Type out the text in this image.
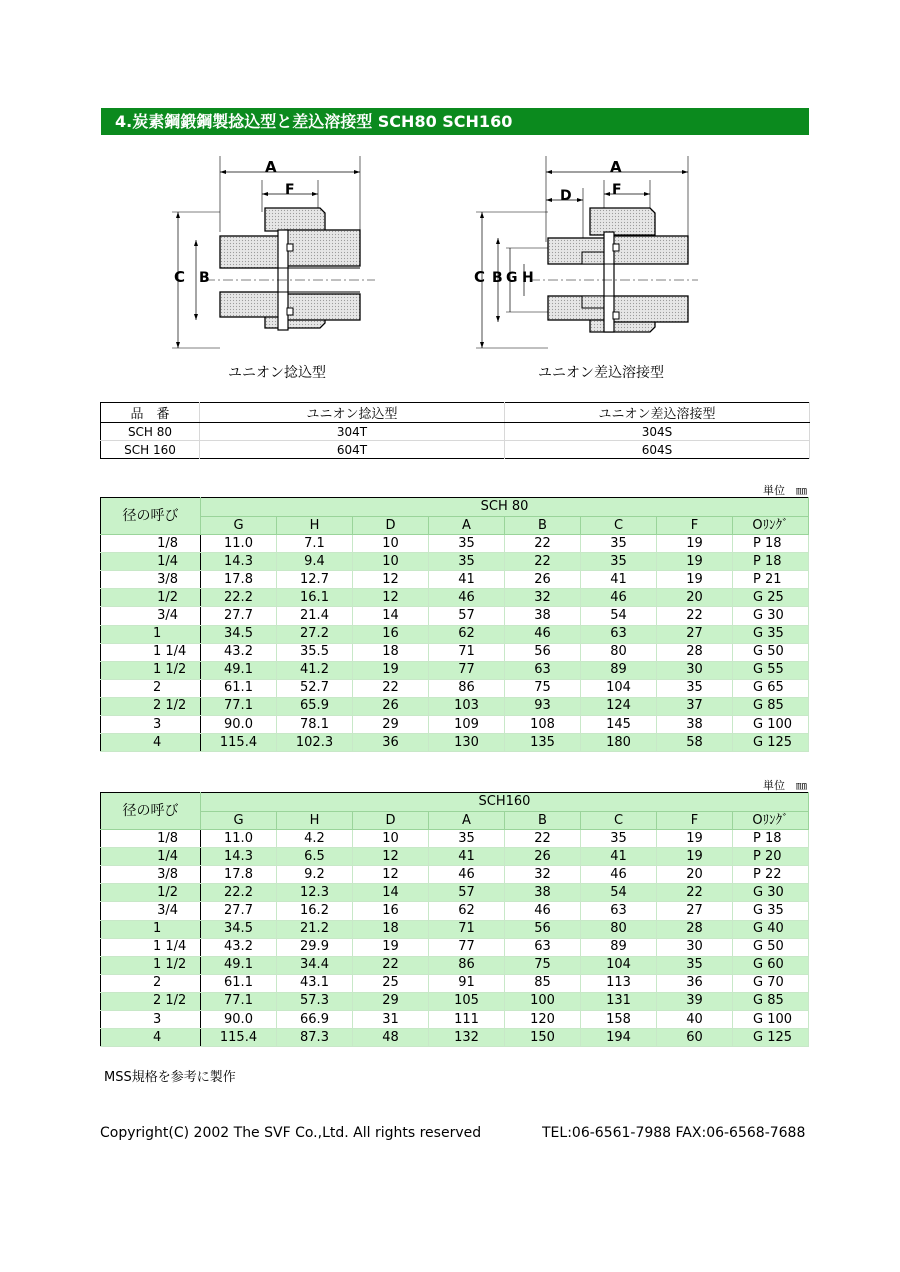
4.炭素鋼鍛鋼製捻込型と差込溶接型 SCH80 SCH160
A
F
C B
ユニオン捻込型
A
D	F
C B G H
ユニオン差込溶接型
品　番	ユニオン捻込型	ユニオン差込溶接型
SCH 80	304T	304S
SCH 160	604T	604S
単位　㎜
径の呼び	SCH 80							
	G	H	D	A	B	C	F	Oﾘﾝｸﾞ
1/8	11.0	7.1	10	35	22	35	19	P 18
1/4	14.3	9.4	10	35	22	35	19	P 18
3/8	17.8	12.7	12	41	26	41	19	P 21
1/2	22.2	16.1	12	46	32	46	20	G 25
3/4	27.7	21.4	14	57	38	54	22	G 30
1	34.5	27.2	16	62	46	63	27	G 35
1 1/4	43.2	35.5	18	71	56	80	28	G 50
1 1/2	49.1	41.2	19	77	63	89	30	G 55
2	61.1	52.7	22	86	75	104	35	G 65
2 1/2	77.1	65.9	26	103	93	124	37	G 85
3	90.0	78.1	29	109	108	145	38	G 100
4	115.4	102.3	36	130	135	180	58	G 125
単位　㎜
径の呼び	SCH160							
	G	H	D	A	B	C	F	Oﾘﾝｸﾞ
1/8	11.0	4.2	10	35	22	35	19	P 18
1/4	14.3	6.5	12	41	26	41	19	P 20
3/8	17.8	9.2	12	46	32	46	20	P 22
1/2	22.2	12.3	14	57	38	54	22	G 30
3/4	27.7	16.2	16	62	46	63	27	G 35
1	34.5	21.2	18	71	56	80	28	G 40
1 1/4	43.2	29.9	19	77	63	89	30	G 50
1 1/2	49.1	34.4	22	86	75	104	35	G 60
2	61.1	43.1	25	91	85	113	36	G 70
2 1/2	77.1	57.3	29	105	100	131	39	G 85
3	90.0	66.9	31	111	120	158	40	G 100
4	115.4	87.3	48	132	150	194	60	G 125
MSS規格を参考に製作
Copyright(C) 2002 The SVF Co.,Ltd. All rights reserved	TEL:06-6561-7988 FAX:06-6568-7688
